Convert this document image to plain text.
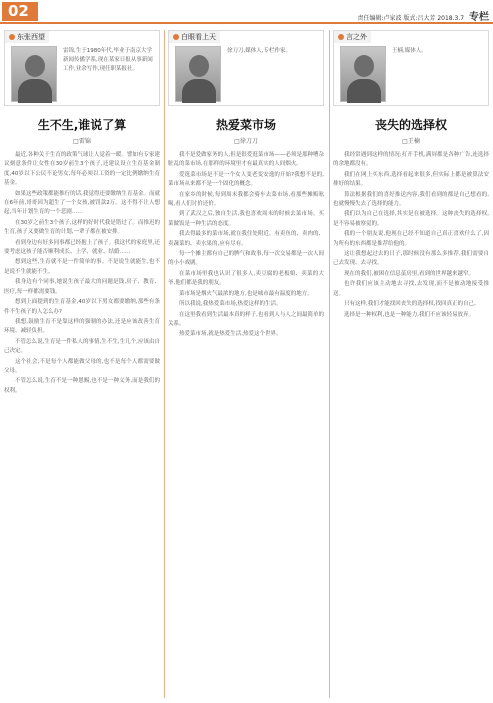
02	责任编辑:卢家波 版式:吕大芳 2018.3.7 专栏
东张西望
雷锦,生于1980年代,毕业于南京大学新闻传播学系,现在某家日报从事新闻工作,业余写作,现任职某报社。
生不生,谁说了算
□雷锦

最近,各种关于生育的政策气球让人觉着一暖。譬如有专家建议刻意条件让女性在30岁前生3个孩子,还建议设立生育基金制度,40岁以下公民不论男女,每年必须以工资的一定比例缴纳生育基金。

如果这些政策都能推行的话,我觉得还要缴纳生育基金。而就在6年前,哥哥因为超生了一个女孩,被罚款2万。这不得不让人想起,当年计划生育的一个悲剧……

在30岁之前生3个孩子,这样的好时代我是错过了。而推迟的生育,孩子又要做生育的计划,一辈子都在被安排。

看到身边有好多同事都已经抱上了孩子。我这代的家庭里,还要考虑这孩子能否顺利成长、上学、就业、结婚……

想到这些,生育就不是一件简单的事。不是说生就能生,也不是说不生就能不生。

我身边有个同事,她说生孩子最大的问题是钱,房子、教育、医疗,每一样都需要钱。

想到上面提到的生育基金,40岁以下男女都要缴纳,那些有条件不生孩子的人怎么办?

我想,鼓励生育不是靠这样的强制的办法,还是应该改善生育环境、减轻负担。

不管怎么说,生育是一件私人的事情,生不生,生几个,应该由自己决定。

这个社会,不是每个人都能做父母的,也不是每个人都需要做父母。

不管怎么说,生育不是一种恩赐,也不是一种义务,而是我们的权利。

白眼看上天
徐刀刀,媒体人,专栏作家。
热爱菜市场
□徐刀刀

我不是爱做家务的人,但是很爱逛菜市场——必须是那种嘈杂脏乱的菜市场,在那样的环境里才有最真实的人间烟火。

爱逛菜市场是不是一个女人变老变安逸的开始?我想不是的,菜市场从来都不是一个固化的概念。

在家乡的时候,每到周末我都会骑车去菜市场,看那些摊贩吆喝,看人们讨价还价。

到了武汉之后,独自生活,我也喜欢周末的时候去菜市场。买菜做饭是一种生活的态度。

我去得最多的菜市场,就在我住处附近。有卖鱼的、卖肉的、卖蔬菜的、卖水果的,应有尽有。

每一个摊主都有自己的脾气和故事,每一次交易都是一次人间的小小戏剧。

在菜市场里我也认识了很多人,卖豆腐的老板娘、卖菜的大爷,他们都是我的朋友。

菜市场是烟火气最浓的地方,也是城市最有温度的地方。

所以我说,我热爱菜市场,热爱这样的生活。

在这里我看到生活最本真的样子,也看到人与人之间最简单的关系。

热爱菜市场,就是热爱生活,热爱这个世界。

言之外
王楠,媒体人。
丧失的选择权
□王楠

我经常遇到这样的情况:打开手机,满屏都是各种广告,连选择的余地都没有。

我们在网上买东西,选择看起来很多,但实际上都是被算法安排好的结果。

算法根据我们的喜好推送内容,我们看到的都是自己想看的,也就慢慢失去了选择的能力。

我们以为自己在选择,其实是在被选择。这种丧失的选择权,是不容易被察觉的。

我的一个朋友说,他现在已经不知道自己真正喜欢什么了,因为所有的东西都是推荐给他的。

这让我想起过去的日子,那时候没有那么多推荐,我们需要自己去发现、去寻找。

现在的我们,被困在信息茧房里,看到的世界越来越窄。

也许我们应该主动地去寻找,去发现,而不是被动地接受推送。

只有这样,我们才能找回丧失的选择权,找回真正的自己。

选择是一种权利,也是一种能力,我们不应该轻易放弃。
